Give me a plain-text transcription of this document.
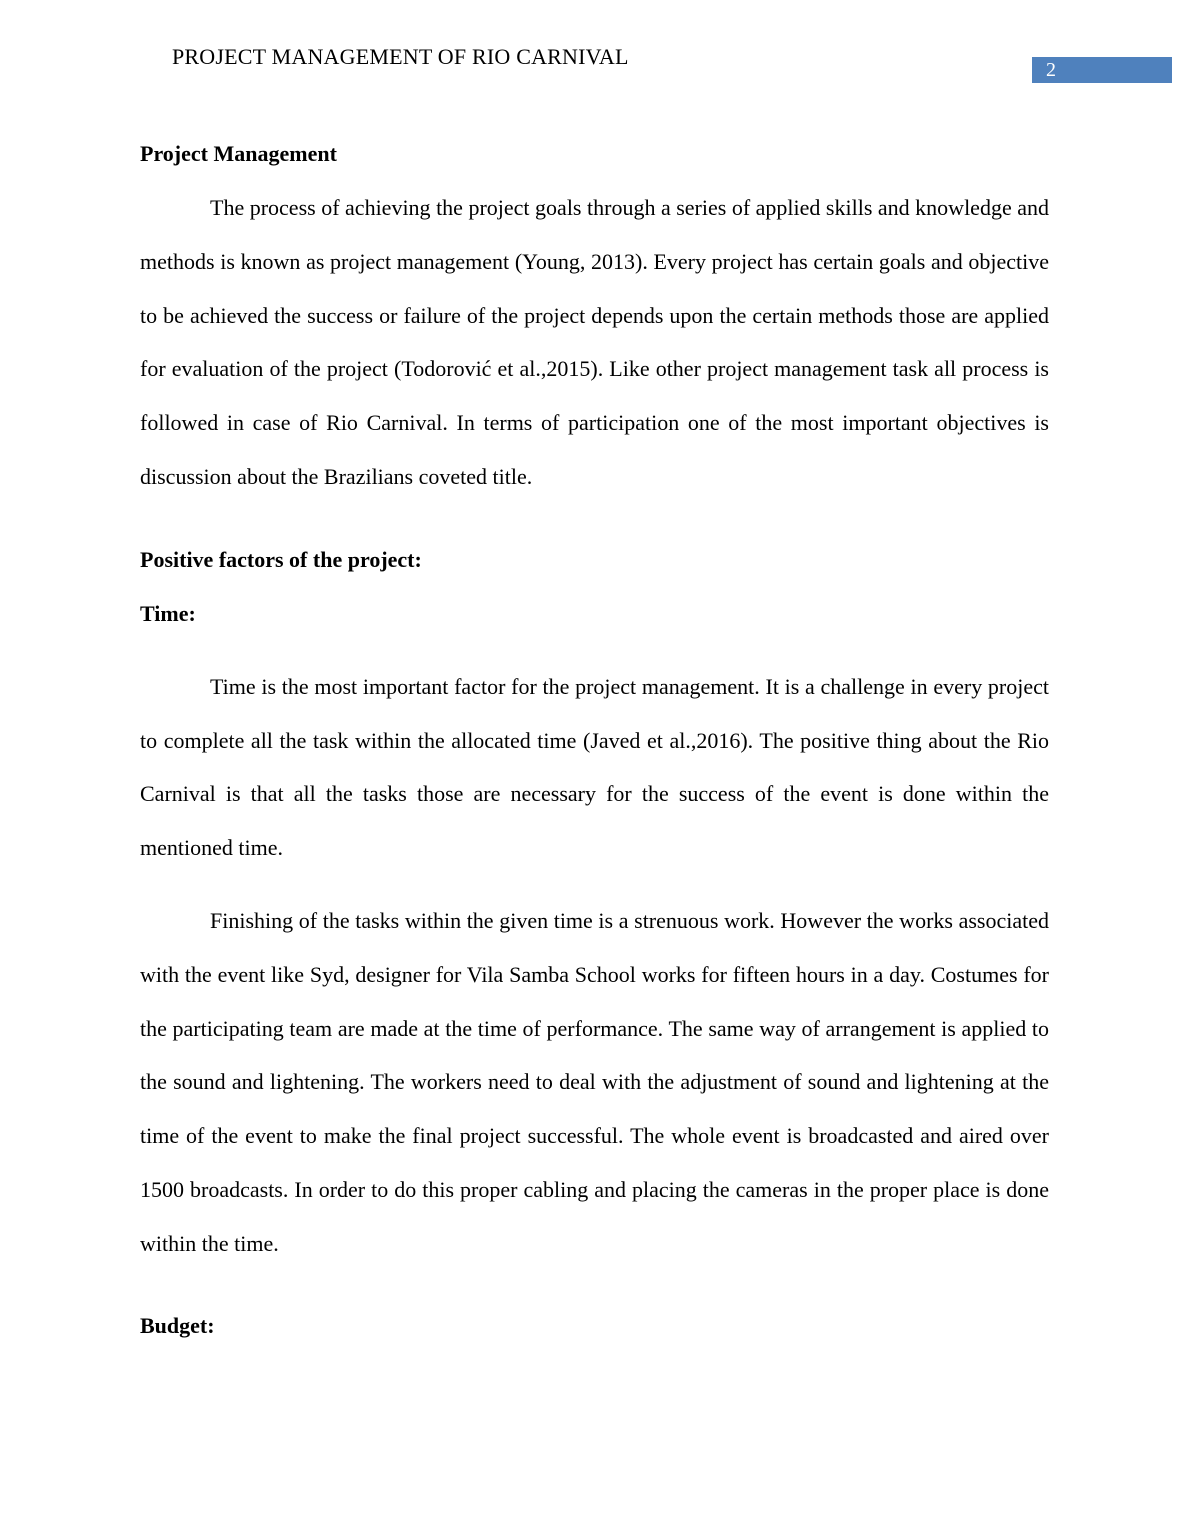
PROJECT MANAGEMENT OF RIO CARNIVAL
2

Project Management

The process of achieving the project goals through a series of applied skills and knowledge and methods is known as project management (Young, 2013). Every project has certain goals and objective to be achieved the success or failure of the project depends upon the certain methods those are applied for evaluation of the project (Todorović et al.,2015). Like other project management task all process is followed in case of Rio Carnival. In terms of participation one of the most important objectives is discussion about the Brazilians coveted title.

Positive factors of the project:

Time:

Time is the most important factor for the project management. It is a challenge in every project to complete all the task within the allocated time (Javed et al.,2016). The positive thing about the Rio Carnival is that all the tasks those are necessary for the success of the event is done within the mentioned time.

Finishing of the tasks within the given time is a strenuous work. However the works associated with the event like Syd, designer for Vila Samba School works for fifteen hours in a day. Costumes for the participating team are made at the time of performance. The same way of arrangement is applied to the sound and lightening. The workers need to deal with the adjustment of sound and lightening at the time of the event to make the final project successful. The whole event is broadcasted and aired over 1500 broadcasts. In order to do this proper cabling and placing the cameras in the proper place is done within the time.

Budget:
